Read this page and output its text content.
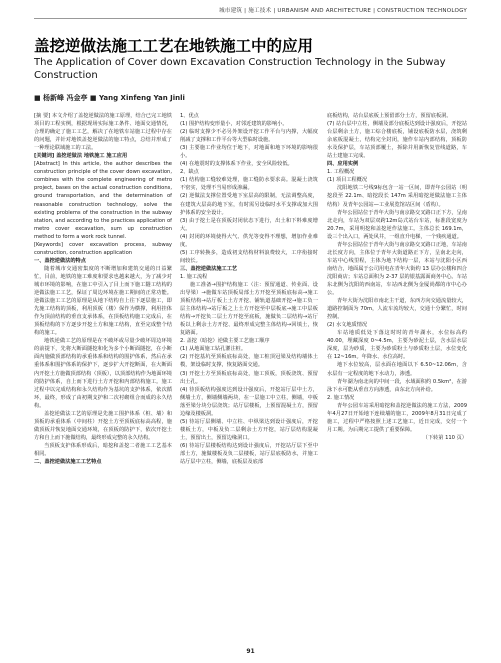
城市建筑 | 施工技术 | URBANISM AND ARCHITECTURE | CONSTRUCTION TECHNOLOGY
盖挖逆做法施工工艺在地铁施工中的应用
The Application of Cover down Excavation Construction Technology in the Subway Construction
■ 杨新峰 冯金亭 ■ Yang Xinfeng Yan Jinli

[摘 要] 本文介绍了盖挖逆做法的施工原理，结合已完工地铁项目的工程实例，根据现场实际施工条件、地面交通情况，合理的确定了施工工艺，解决了在地铁车站施工过程中存在的问题，并针对地铁盖挖逆做法的施工特点，总结并形成了一种理论联域施工的工法。

[关键词] 盖挖逆做法 地铁施工 施工应用

[Abstract] In this article, the author describes the construction principle of the cover down excavation, combines with the complete engineering of metro project, bases on the actual construction conditions, ground transportation, and the determination of reasonable construction technology, solve the existing problems of the construction in the subway station, and according to the practices application of metro cover excavation, sum up construction method to form a work rock tunnel.

[Keywords] cover excavation process, subway construction, construction application

一、盖挖逆做法的特点

随着城市交通密集度的不断增加和建筑交通的日益繁忙，目前，地铁的施工难度和要求也越来越大，为了减少对城市环境的影响，在施工中引入了目上而下施工隧工结构的逆做法施工工艺，保证了周边环境在施工期间的正常功能。逆做法施工工艺的原理是从地下结构自上往下逐层施工，即先施工结构的顶板，利用顶板（楼）保作为横撑，利用挂体作为顶前结构的垂直支承体系，在顶板结构施工完成后，在顶板结构的下方逐步开挖土方和施工结构，直至完成整个结构的施工。

地铁逆做工艺的原理是在不破坏或尽量少破坏周边环境的前提下，先将大断面隧挖和化为多个小断面隧挖，在小断面内施做顶部结构的承重体系和结构的围护体系，然后在承重体系和围护体系的保护下，逐步扩大开挖断面，在大断面内开挖土方施做顶部结构（顶板），以顶部结构作为地面环境的防护体系，自上而下进行土方开挖和内部结构施工。施工过程中以完成结构和永久结构作为基坑的支护体系，依次循环，最终，形成了由初期支护和二次衬砌组合而成的永久结构。

盖挖逆做法工艺的原理是先施工围护体系（桩、墙）和顶板的承重体系（中间柱）开挖土方至顶板底标高高程，施做顶板并恢复地面交通环境，在顶板的防护下，依次开挖土方和自上而下施做结构，最终形成完整的永久结构。

当顶板支护体系形成后，暗挖和盖挖二者施工工艺基本相同。

二、盖挖逆做法施工工艺特点

1、优点

(1) 围护结构变形量小，对邻近建筑的影响小。

(2) 临时支撑少不必另外架设开挖工作平台与内撑，大幅度削减了支撑和工作平台等大型临时设施。

(3) 主要施工作业均位于地下，对地面和地下环境的影响很小。

(4) 在地震时的支撑体系下作业，安全风险较低。

2、缺点

(1) 结构施工缝较难处理，施工缝防水要求高。混凝土浇筑不密实，处理不当易形成渗漏。

(2) 逆做法支撑位置受地下室层高的限制，无法调整高度，在建筑大层高的地下室，有时需另设临时水平支撑或加大围护体系的安全设计。

(3) 由于挖土是在顶板封闭状态下进行，出土和下料难度增大。

(4) 封闭的环境使得大气、供光等变得不理想，增加作业难度。

(5) 工序转换多，造成初支结构材料浪费较大，工序衔接时间较长。

三、盖挖逆做法施工工艺

1. 施工流程

施工准备→围护结构施工（注：预留通道、传业面、设出导梁）→施做车站顶板局部土方开挖至顶板底标高→施工顶板结构→站厅板上土方开挖、铺轨道基础开挖→施工负一层主体结构→站厅板之上土方开挖至中层板底→施工中层板结构→开挖负二层土方开挖至底板，施做负二层结构→站厅板以上剩余土方开挖、最终形成完整主体结构→回填土，恢复路面。

2. 盖挖（暗挖）逆做主要工艺施工顺序

(1) 从地面施工钻孔灌注桩。

(2) 开挖基坑至顶板底标高处，施工桩顶冠梁及结构墙体土模，架设临时支撑，恢复路面交通。

(3) 开挖土方至顶板底标高处，施工顶板，顶板浇筑、预留出土孔。

(4) 待顶板结构强度达到设计强度后，开挖站厅层中土方，侧墙土方，侧墙侧墙两块，在一层施工中立柱，侧墙，中板落至梁分块分层浇筑；站厅层楼板，上预留混凝土方，预留边缘及楼板洞。

(5) 待站厅层侧墙、中立柱、中纵梁达到设计强度后，开挖楼板土方，中板及负二层剩余土方开挖，站厅层结构混凝土，预留出土，预留边缘洞口。

(6) 待站厅层楼板结构达到设计强度后，开挖站厅层下至中部土方，施做楼板及负二层楼板，站厅层底板防水，并施工站厅层中立柱，侧墙，底板层及底部

底板结构，站台层底板上预留部分土方，预留底板洞。

(7) 站台层中立柱，侧墙及部分底板达到设计强度后，开挖站台层剩余土方，施工综合楼底板，铺设底板防水层，浇筑剩余底板混凝土，结构完全封闭，施作车站内部结构，顶板防水及保护层，车站顶部覆土，拆除并用新恢复管线道路，车站土建施工完成。

四、应用实例

1. 工程概况

(1) 项目工程概况

沈阳地铁二号线9标包含一站一区间，即青年公园站（明挖段至 22.1m、暗挖段长 147m 采用暗挖逆做法施工主体结构）及青年公园站—工业展览馆站区间（盾构）。

青年公园站位于青年大街与南京路交叉路口正下方，呈南北走向，车站为双层双跨12m岛式站台车站，标准段宽度为 20.7m，采用明挖和盖挖逆作法施工。主体总长 169.1m，设三个出入口，两处风井，一组直升电梯，一个残疾通道。

青年公园站位于青年大街与南京路交叉路口正地，车站南北长度方向，主体位于青年大街道路正下方，呈南北走向，车站中心线里程，主体为地下结构一层，本站与沈阳小区西南结合，地面属于公司用电在青年大街约 13 层办公楼和四合沈阳商店；车站总面积为 2-37 层的银基露面商务中心。车站东北侧为沈阳的西南站，车站西北侧为金厦尚都的市中心办公。

青年大街为沈阳市南北主干道，东西方向交通流量较大，道路控制面为 70m，人流车流均较大，交通十分繁忙，时间控制。

(2) 水文地质情况

车站地质低处下落这时时的青年湖水，水位标高约 40.00，埋藏深度 0~4.5m，主要为砂泥土层，含水层水层深度，层为砂质，主要为砂质粉土与砂质粉土层，水位变化在 12~16m。年降水、水位高时。

地下水位较高，层水面在地面以下 6.50~12.06m，含水层有一定程度的地下水动力，渗透。

青年湖为南北向的中间一段，水域面积约 0.5km²，在游泳下水可能从垂直方向渗透，由东北方向补给。

2. 施工情况

青年公园车站采用暗挖和盖挖逆做法的施工方法，2009年4月27日开始地下连续墙的施工，2009年8月31日完成了施工，过程中严格按照上述工艺施工，近日完成，交付一个月工期。为后期完工提供了重要保障。

（下转第 110 页）

91
